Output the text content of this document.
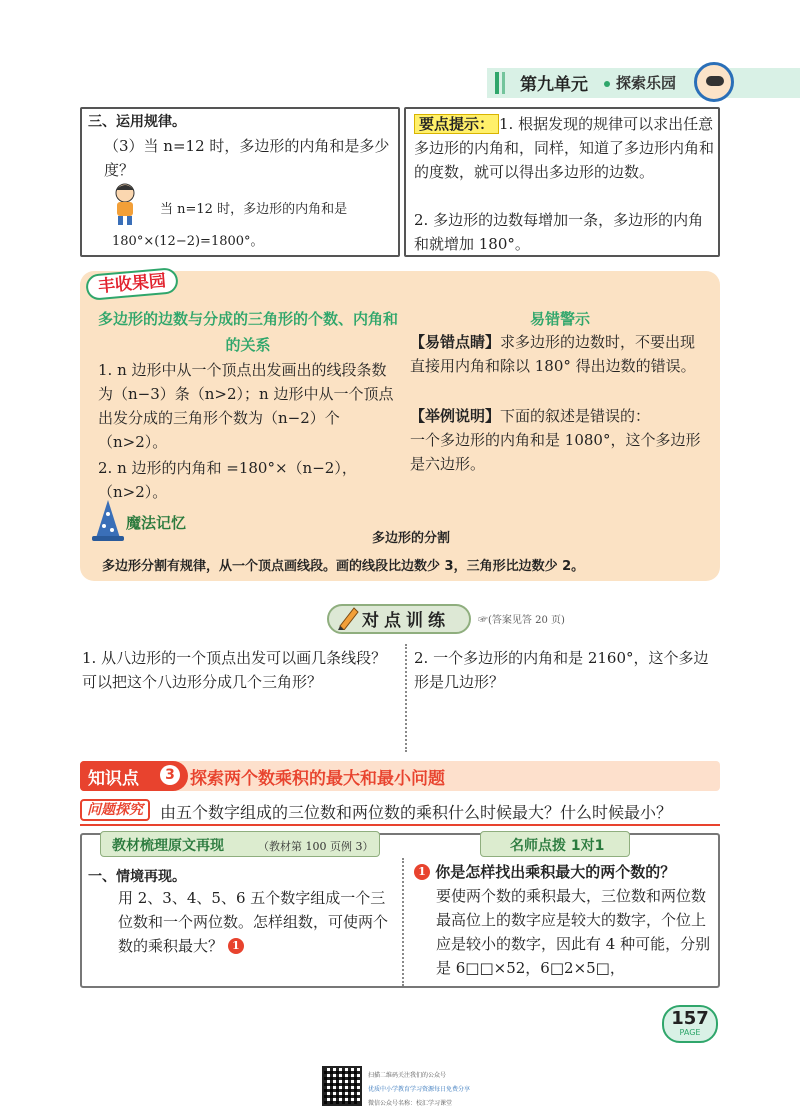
第九单元 探索乐园
三、运用规律。
（3）当 n=12 时，多边形的内角和是多少度？
当 n=12 时，多边形的内角和是
180°×(12−2)=1800°。
要点提示： 1. 根据发现的规律可以求出任意多边形的内角和，同样，知道了多边形内角和的度数，就可以得出多边形的边数。
2. 多边形的边数每增加一条，多边形的内角和就增加 180°。
丰收果园
多边形的边数与分成的三角形的个数、内角和的关系
1. n 边形中从一个顶点出发画出的线段条数为（n−3）条（n>2）；n 边形中从一个顶点出发分成的三角形个数为（n−2）个（n>2）。
2. n 边形的内角和 =180°×（n−2），（n>2）。
易错警示
【易错点睛】求多边形的边数时，不要出现直接用内角和除以 180° 得出边数的错误。
【举例说明】下面的叙述是错误的：
一个多边形的内角和是 1080°，这个多边形是六边形。
魔法记忆
多边形的分割
多边形分割有规律，从一个顶点画线段。画的线段比边数少 3，三角形比边数少 2。
对点训练	☞(答案见答 20 页)
1. 从八边形的一个顶点出发可以画几条线段？可以把这个八边形分成几个三角形？
2. 一个多边形的内角和是 2160°，这个多边形是几边形？
知识点	3 探索两个数乘积的最大和最小问题
问题探究	由五个数字组成的三位数和两位数的乘积什么时候最大？什么时候最小？
教材梳理原文再现	（教材第 100 页例 3）	名师点拨 1对1
一、情境再现。
用 2、3、4、5、6 五个数字组成一个三位数和一个两位数。怎样组数，可使两个数的乘积最大？ 1
1 你是怎样找出乘积最大的两个数的？
要使两个数的乘积最大，三位数和两位数最高位上的数字应是较大的数字，个位上应是较小的数字，因此有 4 种可能，分别是 6□□×52，6□2×5□，
157
PAGE
扫描二维码关注我们的公众号
优质中小学教育学习资源每日免费分享
微信公众号名称：校汇学习课堂
